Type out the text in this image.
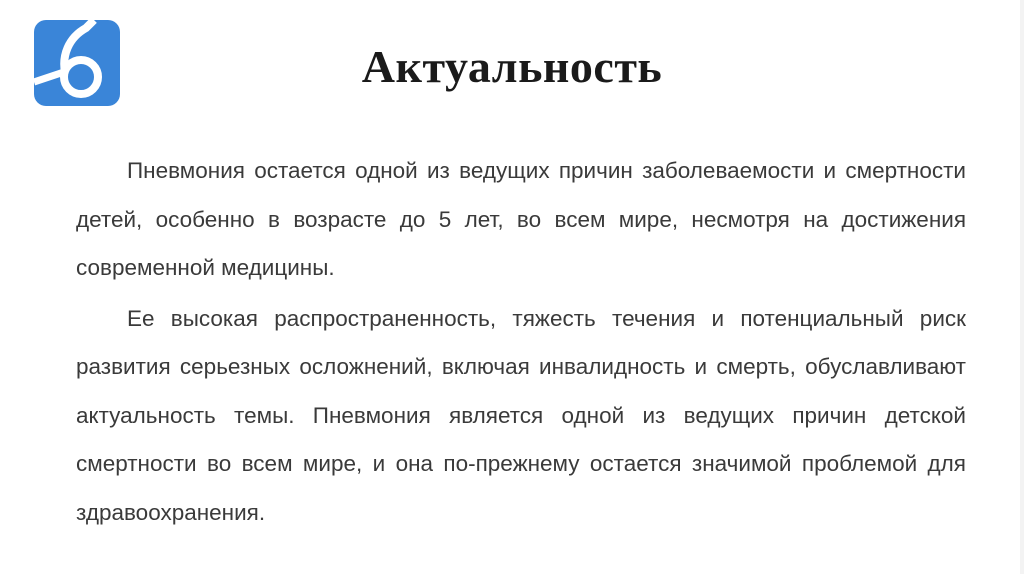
Актуальность

Пневмония остается одной из ведущих причин заболеваемости и смертности детей, особенно в возрасте до 5 лет, во всем мире, несмотря на достижения современной медицины.

Ее высокая распространенность, тяжесть течения и потенциальный риск развития серьезных осложнений, включая инвалидность и смерть, обуславливают актуальность темы. Пневмония является одной из ведущих причин детской смертности во всем мире, и она по-прежнему остается значимой проблемой для здравоохранения.
